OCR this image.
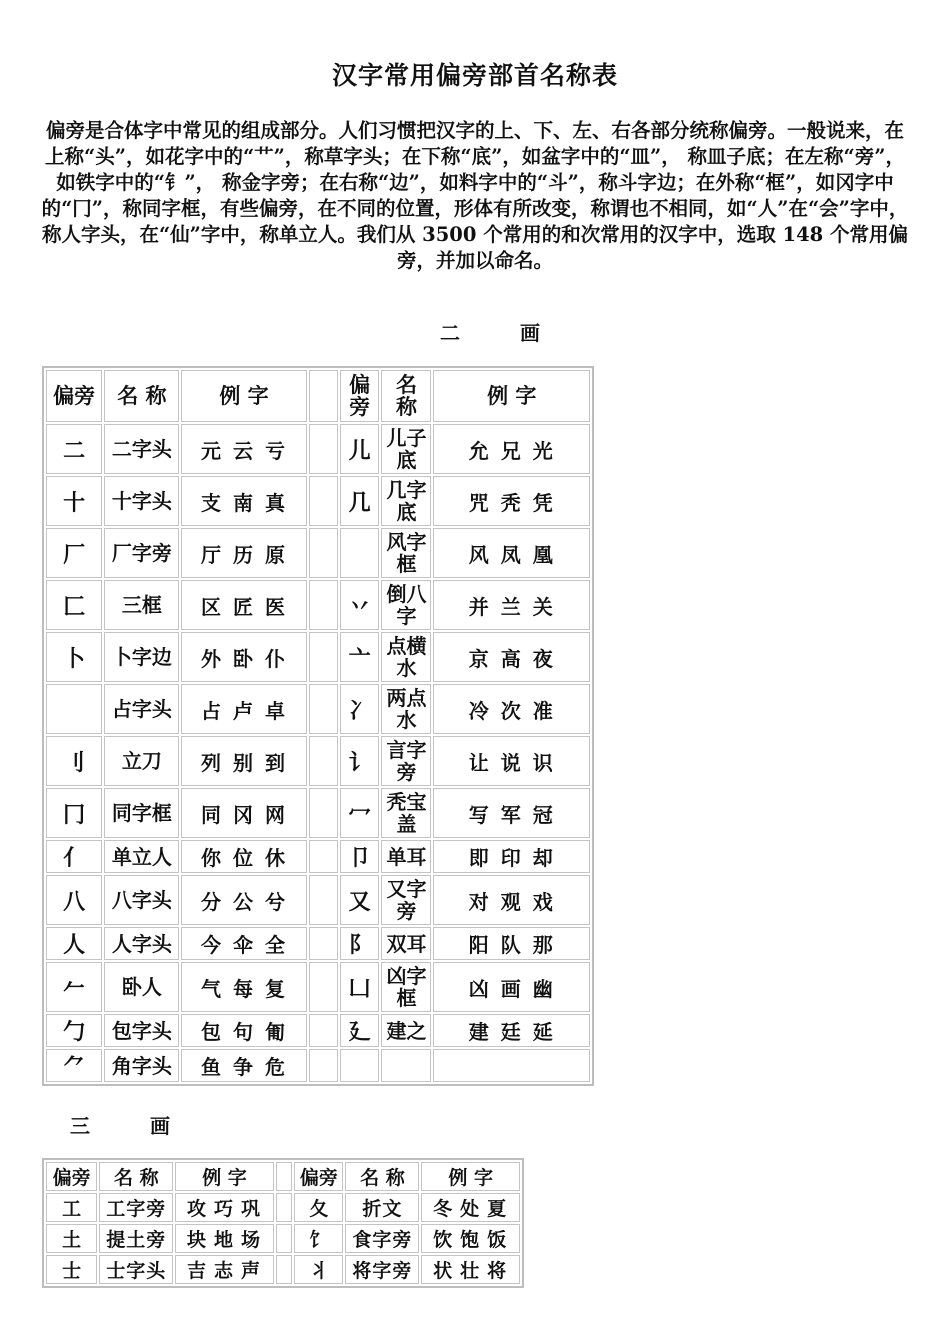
汉字常用偏旁部首名称表
偏旁是合体字中常见的组成部分。人们习惯把汉字的上、下、左、右各部分统称偏旁。一般说来，在上称“头”，如花字中的“艹”，称草字头；在下称“底”，如盆字中的“皿”， 称皿子底；在左称“旁”， 如铁字中的“钅”， 称金字旁；在右称“边”，如料字中的“斗”，称斗字边；在外称“框”，如冈字中的“冂”，称同字框，有些偏旁，在不同的位置，形体有所改变，称谓也不相同，如“人”在“会”字中，称人字头，在“仙”字中，称单立人。我们从 3500 个常用的和次常用的汉字中，选取 148 个常用偏旁，并加以命名。
二画
偏旁	名 称	例 字		偏旁	名 称	例 字
二	二字头	元云亏		儿	儿子底	允兄光
十	十字头	支南真		几	几字底	咒秃凭
厂	厂字旁	厅历原			风字框	风凤凰
匚	三框	区匠医		丷	倒八字	并兰关
卜	卜字边	外卧仆		亠	点横水	京高夜
	占字头	占卢卓		冫	两点水	冷次准
刂	立刀	列别到		讠	言字旁	让说识
冂	同字框	同冈网		冖	秃宝盖	写军冠
亻	单立人	你位休		卩	单耳	即印却
八	八字头	分公兮		又	又字旁	对观戏
人	人字头	今伞全		阝	双耳	阳队那
𠂉	卧人	气每复		凵	凶字框	凶画幽
勹	包字头	包句匍		廴	建之	建廷延
⺈	角字头	鱼争危				
三画
偏旁	名 称	例 字		偏旁	名 称	例 字
工	工字旁	攻巧巩		夂	折文	冬处夏
土	提土旁	块地场		饣	食字旁	饮饱饭
士	士字头	吉志声		丬	将字旁	状壮将
